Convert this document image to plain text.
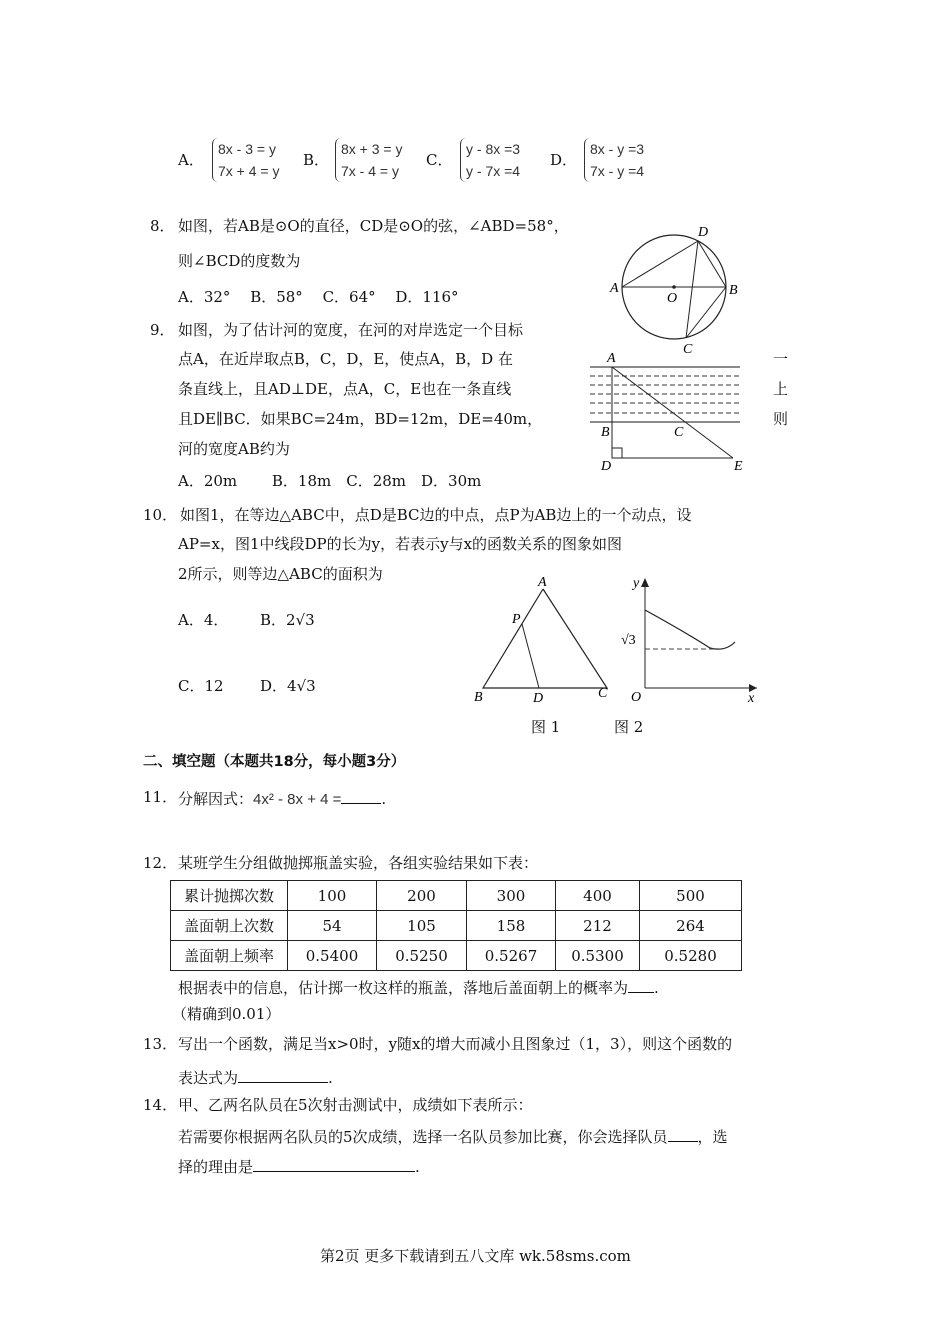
A．
8x - 3 = y
7x + 4 = y
B．
8x + 3 = y
7x - 4 = y
C．
y - 8x =3
y - 7x =4
D．
8x - y =3
7x - y =4
8． 如图，若AB是⊙O的直径，CD是⊙O的弦，∠ABD=58°，
则∠BCD的度数为
A．32°　 B．58°　 C．64°　 D．116°	A	B
C
D
O
9． 如图，为了估计河的宽度，在河的对岸选定一个目标
点A，在近岸取点B，C，D，E，使点A，B，D 在
条直线上，且AD⊥DE，点A，C，E也在一条直线
且DE∥BC．如果BC=24m，BD=12m，DE=40m，
河的宽度AB约为
一
上
则
A．20m　　 B．18m　C．28m　D．30m
A
B	C
D	E
10． 如图1，在等边△ABC中，点D是BC边的中点，点P为AB边上的一个动点，设
AP=x，图1中线段DP的长为y，若表示y与x的函数关系的图象如图
2所示，则等边△ABC的面积为
A．4． B．2√3
C．12 D．4√3
A
B	C
D
P
y
x
O
√3
图 1	图 2
二、填空题（本题共18分，每小题3分）
11． 分解因式：4x² - 8x + 4 =	.
12． 某班学生分组做抛掷瓶盖实验，各组实验结果如下表：
累计抛掷次数	100	200	300	400	500
盖面朝上次数	54	105	158	212	264
盖面朝上频率	0.5400	0.5250	0.5267	0.5300	0.5280
根据表中的信息，估计掷一枚这样的瓶盖，落地后盖面朝上的概率为 .
（精确到0.01）
13． 写出一个函数，满足当x>0时，y随x的增大而减小且图象过（1，3），则这个函数的
表达式为	.
14． 甲、乙两名队员在5次射击测试中，成绩如下表所示：
若需要你根据两名队员的5次成绩，选择一名队员参加比赛，你会选择队员 ，选
择的理由是	.
第2页 更多下载请到五八文库 wk.58sms.com
